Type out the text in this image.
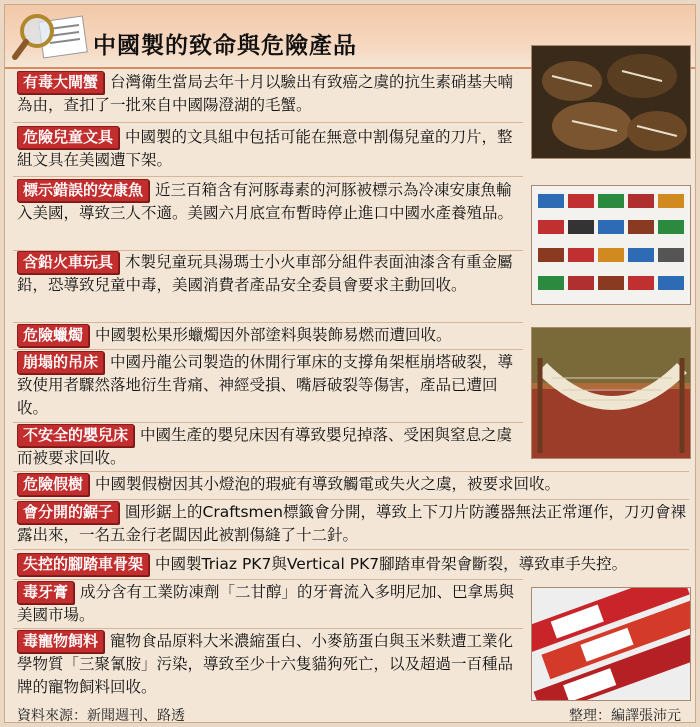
中國製的致命與危險產品
有毒大閘蟹 台灣衛生當局去年十月以驗出有致癌之虞的抗生素硝基夫喃為由，查扣了一批來自中國陽澄湖的毛蟹。
危險兒童文具 中國製的文具組中包括可能在無意中割傷兒童的刀片，整組文具在美國遭下架。
標示錯誤的安康魚 近三百箱含有河豚毒素的河豚被標示為冷凍安康魚輸入美國，導致三人不適。美國六月底宣布暫時停止進口中國水產養殖品。
含鉛火車玩具 木製兒童玩具湯瑪士小火車部分組件表面油漆含有重金屬鉛，恐導致兒童中毒，美國消費者產品安全委員會要求主動回收。
危險蠟燭 中國製松果形蠟燭因外部塗料與裝飾易燃而遭回收。
崩塌的吊床 中國丹龍公司製造的休閒行軍床的支撐角架框崩塔破裂，導致使用者驟然落地衍生背痛、神經受損、嘴唇破裂等傷害，產品已遭回收。
不安全的嬰兒床 中國生產的嬰兒床因有導致嬰兒掉落、受困與窒息之虞而被要求回收。
危險假樹 中國製假樹因其小燈泡的瑕疵有導致觸電或失火之虞，被要求回收。
會分開的鋸子 圓形鋸上的Craftsmen標籤會分開，導致上下刀片防護器無法正常運作，刀刃會裸露出來，一名五金行老闆因此被割傷縫了十二針。
失控的腳踏車骨架 中國製Triaz PK7與Vertical PK7腳踏車骨架會斷裂，導致車手失控。
毒牙膏 成分含有工業防凍劑「二甘醇」的牙膏流入多明尼加、巴拿馬與美國市場。
毒寵物飼料 寵物食品原料大米濃縮蛋白、小麥筋蛋白與玉米麩遭工業化學物質「三聚氰胺」污染，導致至少十六隻貓狗死亡，以及超過一百種品牌的寵物飼料回收。
資料來源：新聞週刊、路透	整理：編譯張沛元
